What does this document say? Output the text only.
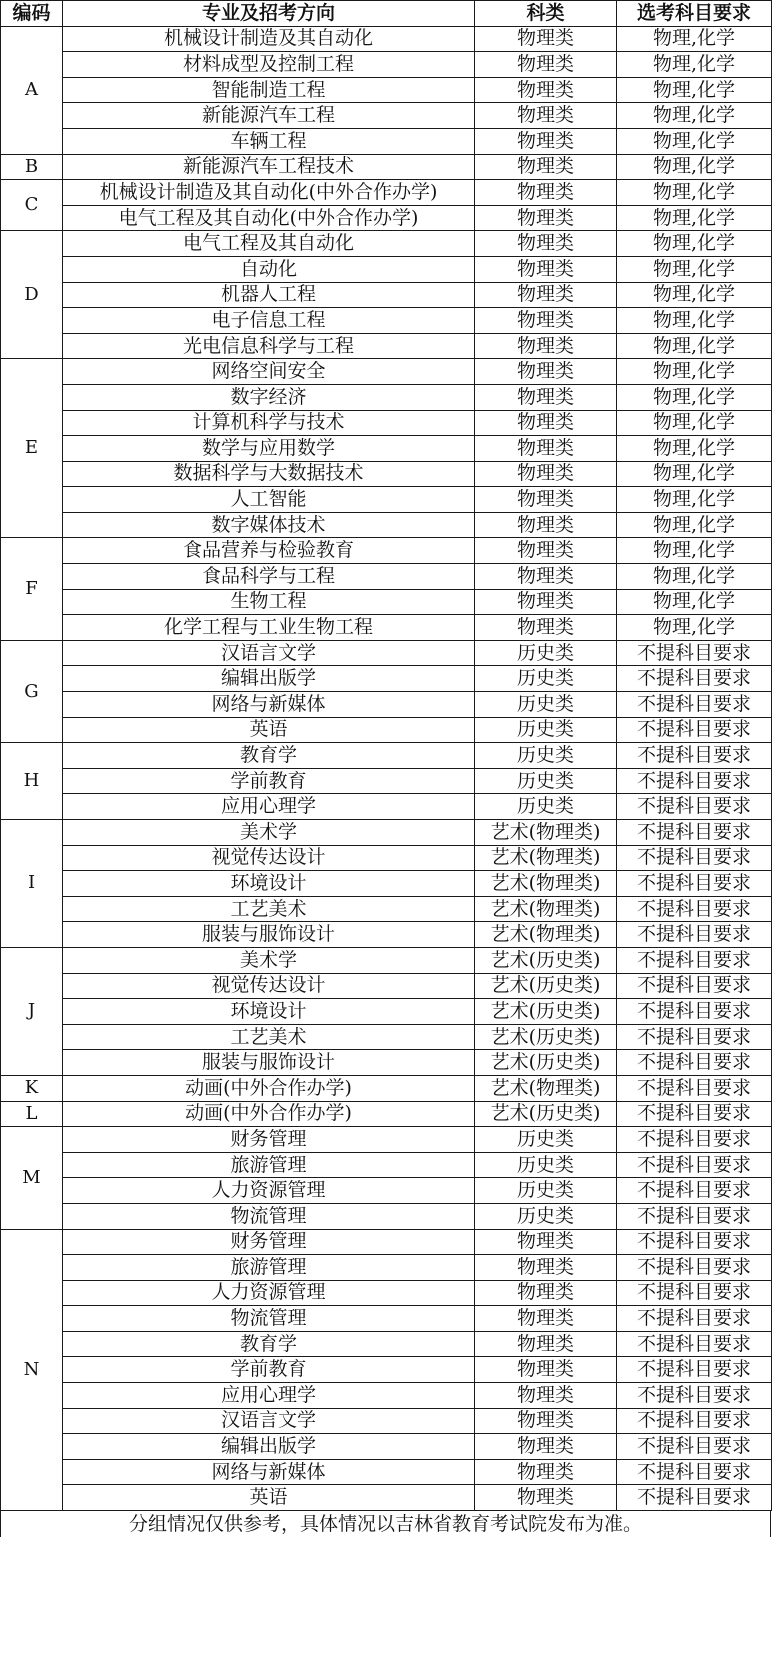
编码	专业及招考方向	科类	选考科目要求
A	机械设计制造及其自动化	物理类	物理,化学
	材料成型及控制工程	物理类	物理,化学
	智能制造工程	物理类	物理,化学
	新能源汽车工程	物理类	物理,化学
	车辆工程	物理类	物理,化学
B	新能源汽车工程技术	物理类	物理,化学
C	机械设计制造及其自动化(中外合作办学)	物理类	物理,化学
	电气工程及其自动化(中外合作办学)	物理类	物理,化学
D	电气工程及其自动化	物理类	物理,化学
	自动化	物理类	物理,化学
	机器人工程	物理类	物理,化学
	电子信息工程	物理类	物理,化学
	光电信息科学与工程	物理类	物理,化学
E	网络空间安全	物理类	物理,化学
	数字经济	物理类	物理,化学
	计算机科学与技术	物理类	物理,化学
	数学与应用数学	物理类	物理,化学
	数据科学与大数据技术	物理类	物理,化学
	人工智能	物理类	物理,化学
	数字媒体技术	物理类	物理,化学
F	食品营养与检验教育	物理类	物理,化学
	食品科学与工程	物理类	物理,化学
	生物工程	物理类	物理,化学
	化学工程与工业生物工程	物理类	物理,化学
G	汉语言文学	历史类	不提科目要求
	编辑出版学	历史类	不提科目要求
	网络与新媒体	历史类	不提科目要求
	英语	历史类	不提科目要求
H	教育学	历史类	不提科目要求
	学前教育	历史类	不提科目要求
	应用心理学	历史类	不提科目要求
I	美术学	艺术(物理类)	不提科目要求
	视觉传达设计	艺术(物理类)	不提科目要求
	环境设计	艺术(物理类)	不提科目要求
	工艺美术	艺术(物理类)	不提科目要求
	服装与服饰设计	艺术(物理类)	不提科目要求
J	美术学	艺术(历史类)	不提科目要求
	视觉传达设计	艺术(历史类)	不提科目要求
	环境设计	艺术(历史类)	不提科目要求
	工艺美术	艺术(历史类)	不提科目要求
	服装与服饰设计	艺术(历史类)	不提科目要求
K	动画(中外合作办学)	艺术(物理类)	不提科目要求
L	动画(中外合作办学)	艺术(历史类)	不提科目要求
M	财务管理	历史类	不提科目要求
	旅游管理	历史类	不提科目要求
	人力资源管理	历史类	不提科目要求
	物流管理	历史类	不提科目要求
N	财务管理	物理类	不提科目要求
	旅游管理	物理类	不提科目要求
	人力资源管理	物理类	不提科目要求
	物流管理	物理类	不提科目要求
	教育学	物理类	不提科目要求
	学前教育	物理类	不提科目要求
	应用心理学	物理类	不提科目要求
	汉语言文学	物理类	不提科目要求
	编辑出版学	物理类	不提科目要求
	网络与新媒体	物理类	不提科目要求
	英语	物理类	不提科目要求
分组情况仅供参考，具体情况以吉林省教育考试院发布为准。
